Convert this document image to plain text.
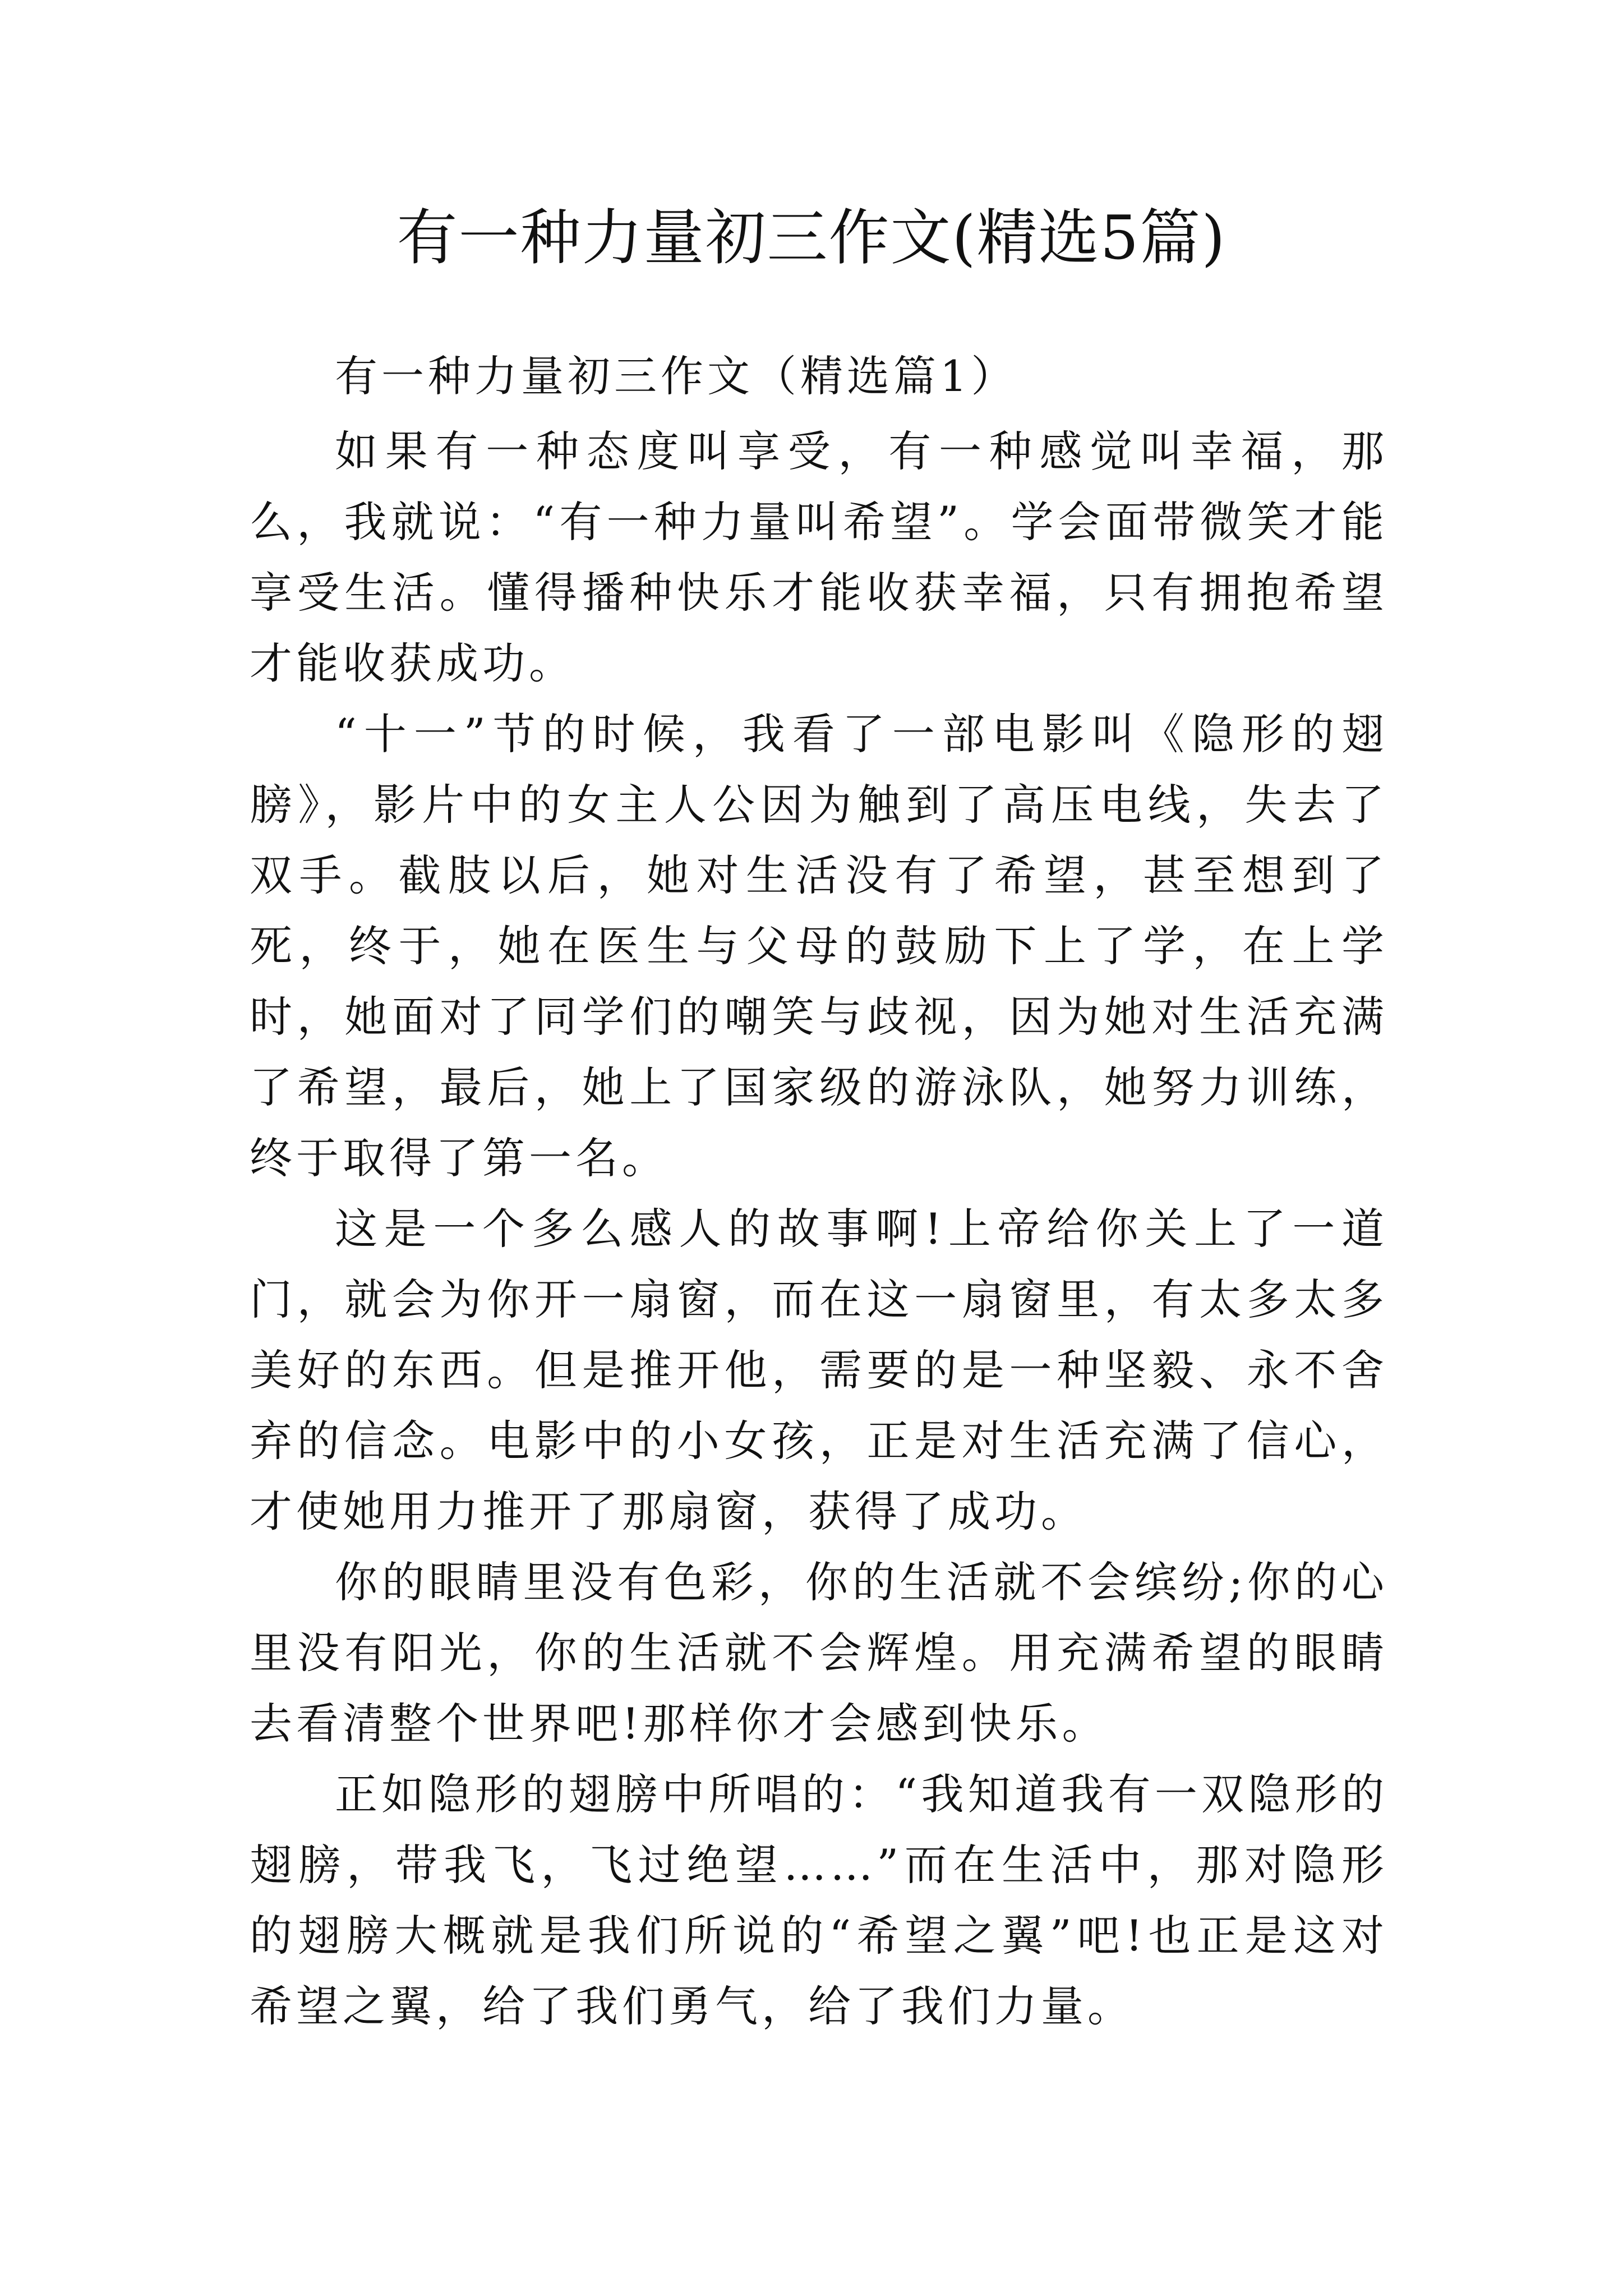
有一种力量初三作文(精选5篇)
有一种力量初三作文（精选篇1）

如果有一种态度叫享受，有一种感觉叫幸福，那么，我就说：“有一种力量叫希望”。学会面带微笑才能享受生活。懂得播种快乐才能收获幸福，只有拥抱希望才能收获成功。

“十一”节的时候，我看了一部电影叫《隐形的翅膀》，影片中的女主人公因为触到了高压电线，失去了双手。截肢以后，她对生活没有了希望，甚至想到了死，终于，她在医生与父母的鼓励下上了学，在上学时，她面对了同学们的嘲笑与歧视，因为她对生活充满了希望，最后，她上了国家级的游泳队，她努力训练，终于取得了第一名。

这是一个多么感人的故事啊!上帝给你关上了一道门，就会为你开一扇窗，而在这一扇窗里，有太多太多美好的东西。但是推开他，需要的是一种坚毅、永不舍弃的信念。电影中的小女孩，正是对生活充满了信心，才使她用力推开了那扇窗，获得了成功。

你的眼睛里没有色彩，你的生活就不会缤纷;你的心里没有阳光，你的生活就不会辉煌。用充满希望的眼睛去看清整个世界吧!那样你才会感到快乐。

正如隐形的翅膀中所唱的：“我知道我有一双隐形的翅膀，带我飞，飞过绝望……”而在生活中，那对隐形的翅膀大概就是我们所说的“希望之翼”吧!也正是这对希望之翼，给了我们勇气，给了我们力量。
